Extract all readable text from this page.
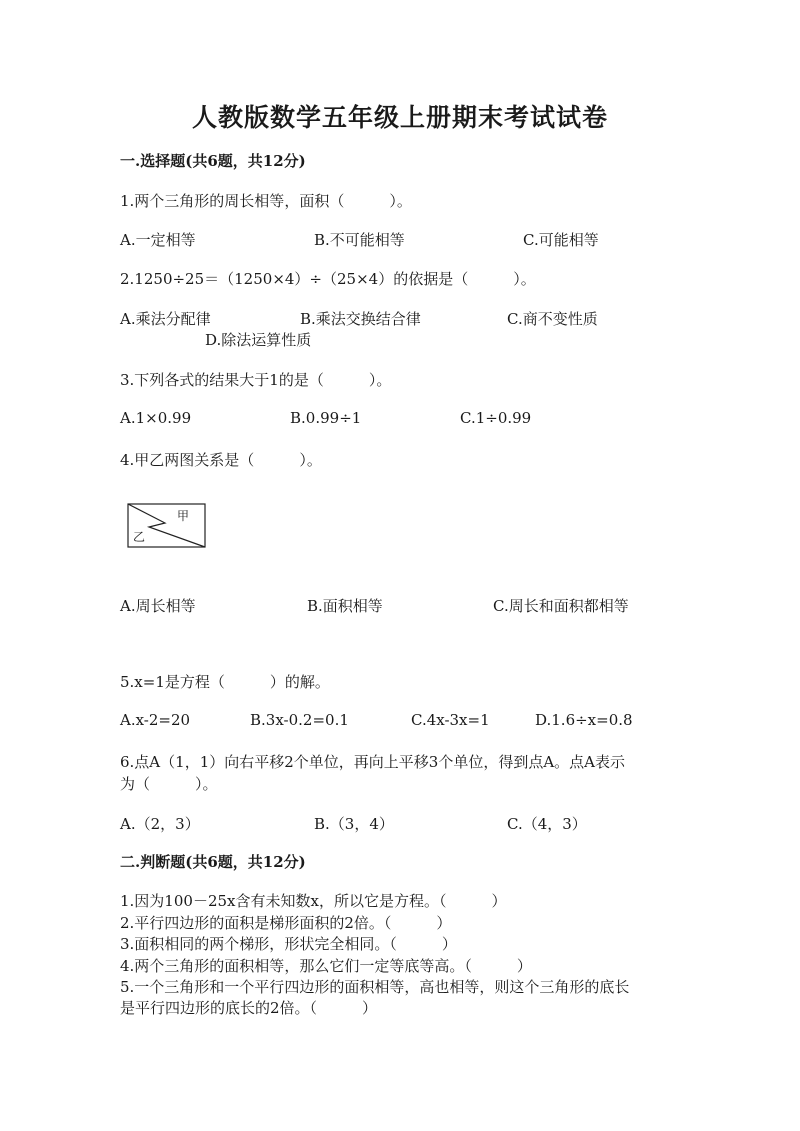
人教版数学五年级上册期末考试试卷
一.选择题(共6题，共12分)
1.两个三角形的周长相等，面积（　　　）。
A.一定相等	B.不可能相等	C.可能相等
2.1250÷25＝（1250×4）÷（25×4）的依据是（　　　）。
A.乘法分配律	B.乘法交换结合律	C.商不变性质
D.除法运算性质
3.下列各式的结果大于1的是（　　　）。
A.1×0.99	B.0.99÷1	C.1÷0.99
4.甲乙两图关系是（　　　）。
甲
乙
A.周长相等	B.面积相等	C.周长和面积都相等
5.x=1是方程（　　　）的解。
A.x-2=20	B.3x-0.2=0.1	C.4x-3x=1	D.1.6÷x=0.8
6.点A（1，1）向右平移2个单位，再向上平移3个单位，得到点A。点A表示
为（　　　）。
A.（2，3）	B.（3，4）	C.（4，3）
二.判断题(共6题，共12分)
1.因为100－25x含有未知数x，所以它是方程。（　　　）
2.平行四边形的面积是梯形面积的2倍。（　　　）
3.面积相同的两个梯形，形状完全相同。（　　　）
4.两个三角形的面积相等，那么它们一定等底等高。（　　　）
5.一个三角形和一个平行四边形的面积相等，高也相等，则这个三角形的底长
是平行四边形的底长的2倍。（　　　）
